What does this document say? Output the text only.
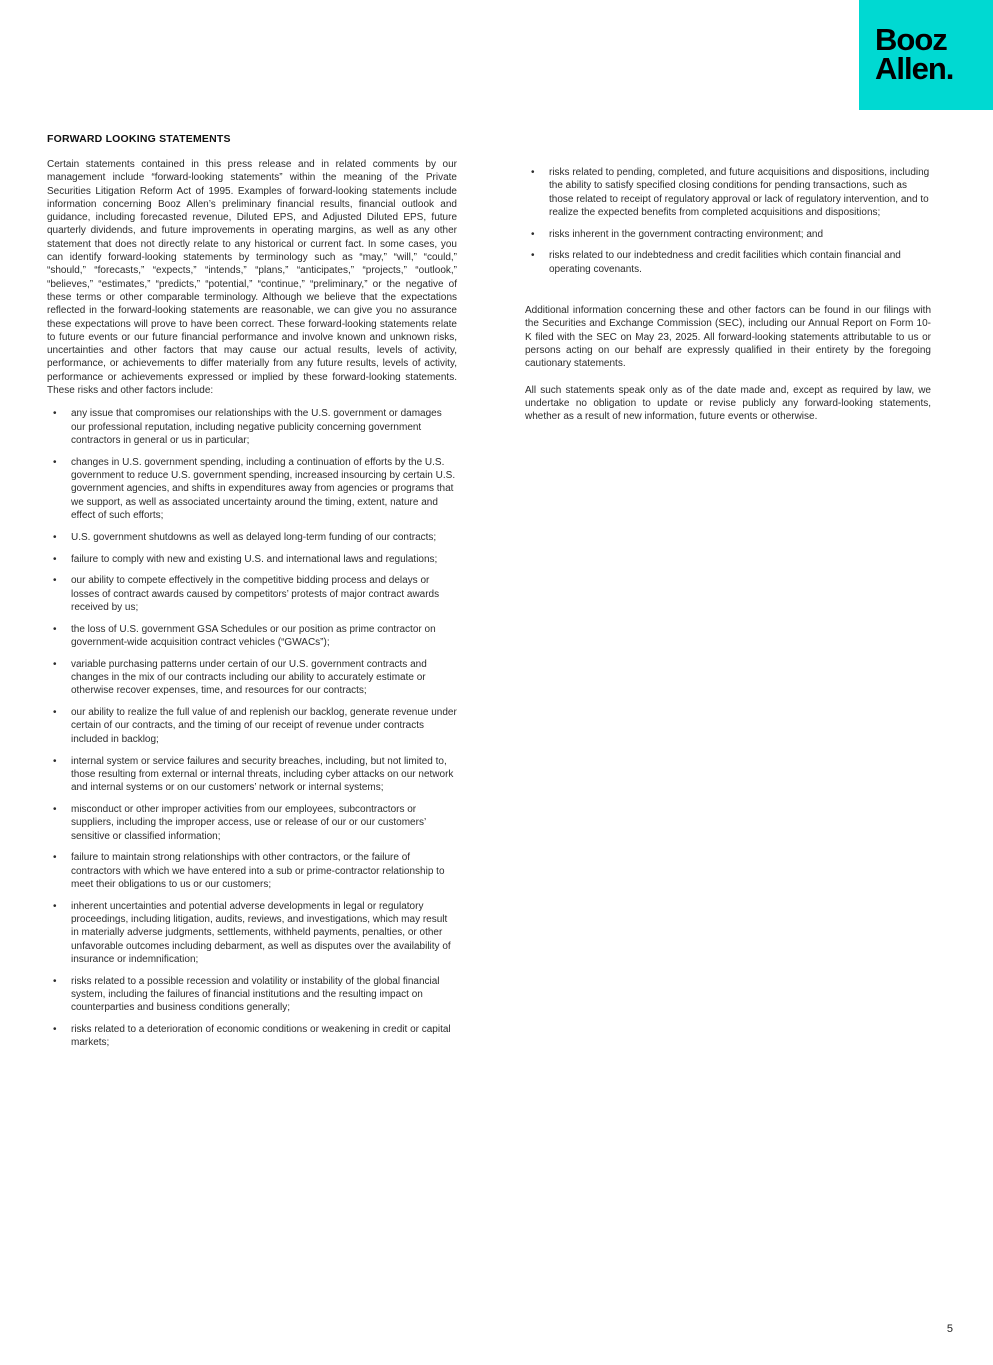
Booz
Allen.
FORWARD LOOKING STATEMENTS

Certain statements contained in this press release and in related comments by our management include “forward-looking statements” within the meaning of the Private Securities Litigation Reform Act of 1995. Examples of forward-looking statements include information concerning Booz Allen’s preliminary financial results, financial outlook and guidance, including forecasted revenue, Diluted EPS, and Adjusted Diluted EPS, future quarterly dividends, and future improvements in operating margins, as well as any other statement that does not directly relate to any historical or current fact. In some cases, you can identify forward-looking statements by terminology such as “may,” “will,” “could,” “should,” “forecasts,” “expects,” “intends,” “plans,” “anticipates,” “projects,” “outlook,” “believes,” “estimates,” “predicts,” “potential,” “continue,” “preliminary,” or the negative of these terms or other comparable terminology. Although we believe that the expectations reflected in the forward-looking statements are reasonable, we can give you no assurance these expectations will prove to have been correct. These forward-looking statements relate to future events or our future financial performance and involve known and unknown risks, uncertainties and other factors that may cause our actual results, levels of activity, performance, or achievements to differ materially from any future results, levels of activity, performance or achievements expressed or implied by these forward-looking statements. These risks and other factors include:

• any issue that compromises our relationships with the U.S. government or damages our professional reputation, including negative publicity concerning government contractors in general or us in particular;
• changes in U.S. government spending, including a continuation of efforts by the U.S. government to reduce U.S. government spending, increased insourcing by certain U.S. government agencies, and shifts in expenditures away from agencies or programs that we support, as well as associated uncertainty around the timing, extent, nature and effect of such efforts;
• U.S. government shutdowns as well as delayed long-term funding of our contracts;
• failure to comply with new and existing U.S. and international laws and regulations;
• our ability to compete effectively in the competitive bidding process and delays or losses of contract awards caused by competitors’ protests of major contract awards received by us;
• the loss of U.S. government GSA Schedules or our position as prime contractor on government-wide acquisition contract vehicles (“GWACs”);
• variable purchasing patterns under certain of our U.S. government contracts and changes in the mix of our contracts including our ability to accurately estimate or otherwise recover expenses, time, and resources for our contracts;
• our ability to realize the full value of and replenish our backlog, generate revenue under certain of our contracts, and the timing of our receipt of revenue under contracts included in backlog;
• internal system or service failures and security breaches, including, but not limited to, those resulting from external or internal threats, including cyber attacks on our network and internal systems or on our customers’ network or internal systems;
• misconduct or other improper activities from our employees, subcontractors or suppliers, including the improper access, use or release of our or our customers’ sensitive or classified information;
• failure to maintain strong relationships with other contractors, or the failure of contractors with which we have entered into a sub or prime-contractor relationship to meet their obligations to us or our customers;
• inherent uncertainties and potential adverse developments in legal or regulatory proceedings, including litigation, audits, reviews, and investigations, which may result in materially adverse judgments, settlements, withheld payments, penalties, or other unfavorable outcomes including debarment, as well as disputes over the availability of insurance or indemnification;
• risks related to a possible recession and volatility or instability of the global financial system, including the failures of financial institutions and the resulting impact on counterparties and business conditions generally;
• risks related to a deterioration of economic conditions or weakening in credit or capital markets;
• risks related to pending, completed, and future acquisitions and dispositions, including the ability to satisfy specified closing conditions for pending transactions, such as those related to receipt of regulatory approval or lack of regulatory intervention, and to realize the expected benefits from completed acquisitions and dispositions;
• risks inherent in the government contracting environment; and
• risks related to our indebtedness and credit facilities which contain financial and operating covenants.

Additional information concerning these and other factors can be found in our filings with the Securities and Exchange Commission (SEC), including our Annual Report on Form 10-K filed with the SEC on May 23, 2025. All forward-looking statements attributable to us or persons acting on our behalf are expressly qualified in their entirety by the foregoing cautionary statements.

All such statements speak only as of the date made and, except as required by law, we undertake no obligation to update or revise publicly any forward-looking statements, whether as a result of new information, future events or otherwise.

5
